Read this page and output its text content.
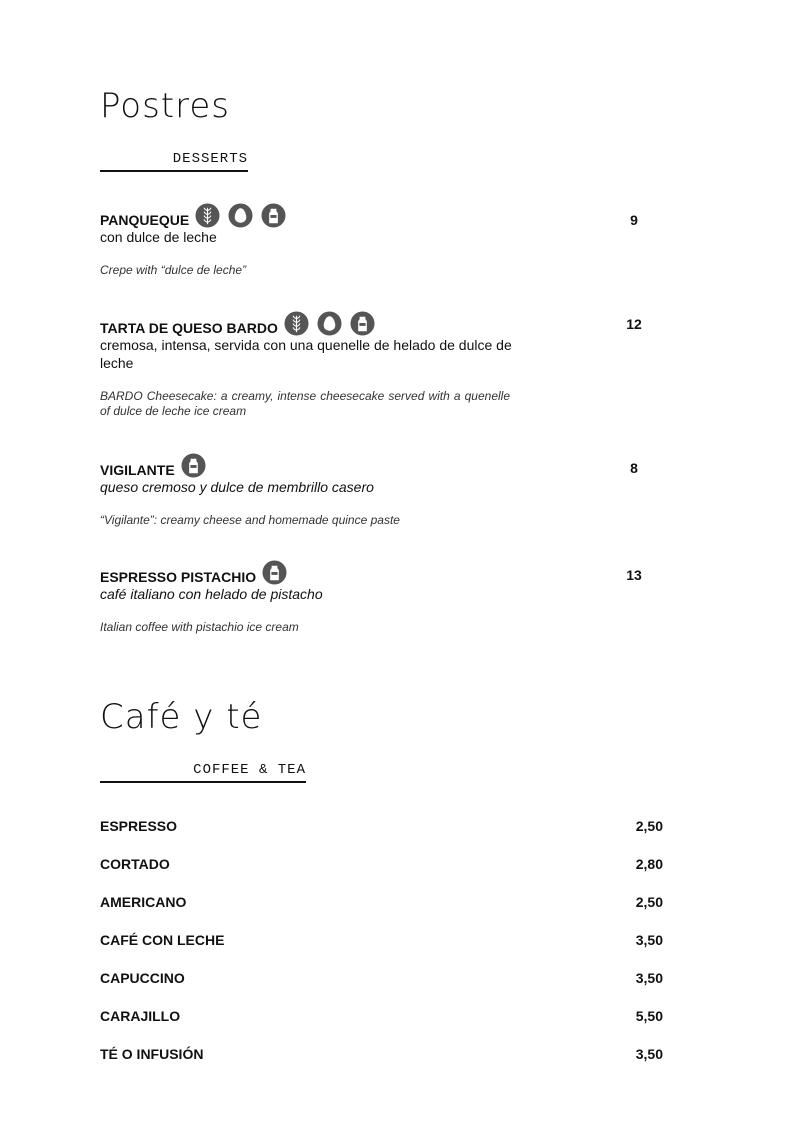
Postres
DESSERTS
PANQUEQUE	9
con dulce de leche
Crepe with “dulce de leche”
TARTA DE QUESO BARDO	12
cremosa, intensa, servida con una quenelle de helado de dulce de leche
BARDO Cheesecake: a creamy, intense cheesecake served with a quenelle of dulce de leche ice cream
VIGILANTE	8
queso cremoso y dulce de membrillo casero
“Vigilante”: creamy cheese and homemade quince paste
ESPRESSO PISTACHIO	13
café italiano con helado de pistacho
Italian coffee with pistachio ice cream
Café y té
COFFEE & TEA
ESPRESSO	2,50
CORTADO	2,80
AMERICANO	2,50
CAFÉ CON LECHE	3,50
CAPUCCINO	3,50
CARAJILLO	5,50
TÉ O INFUSIÓN	3,50
